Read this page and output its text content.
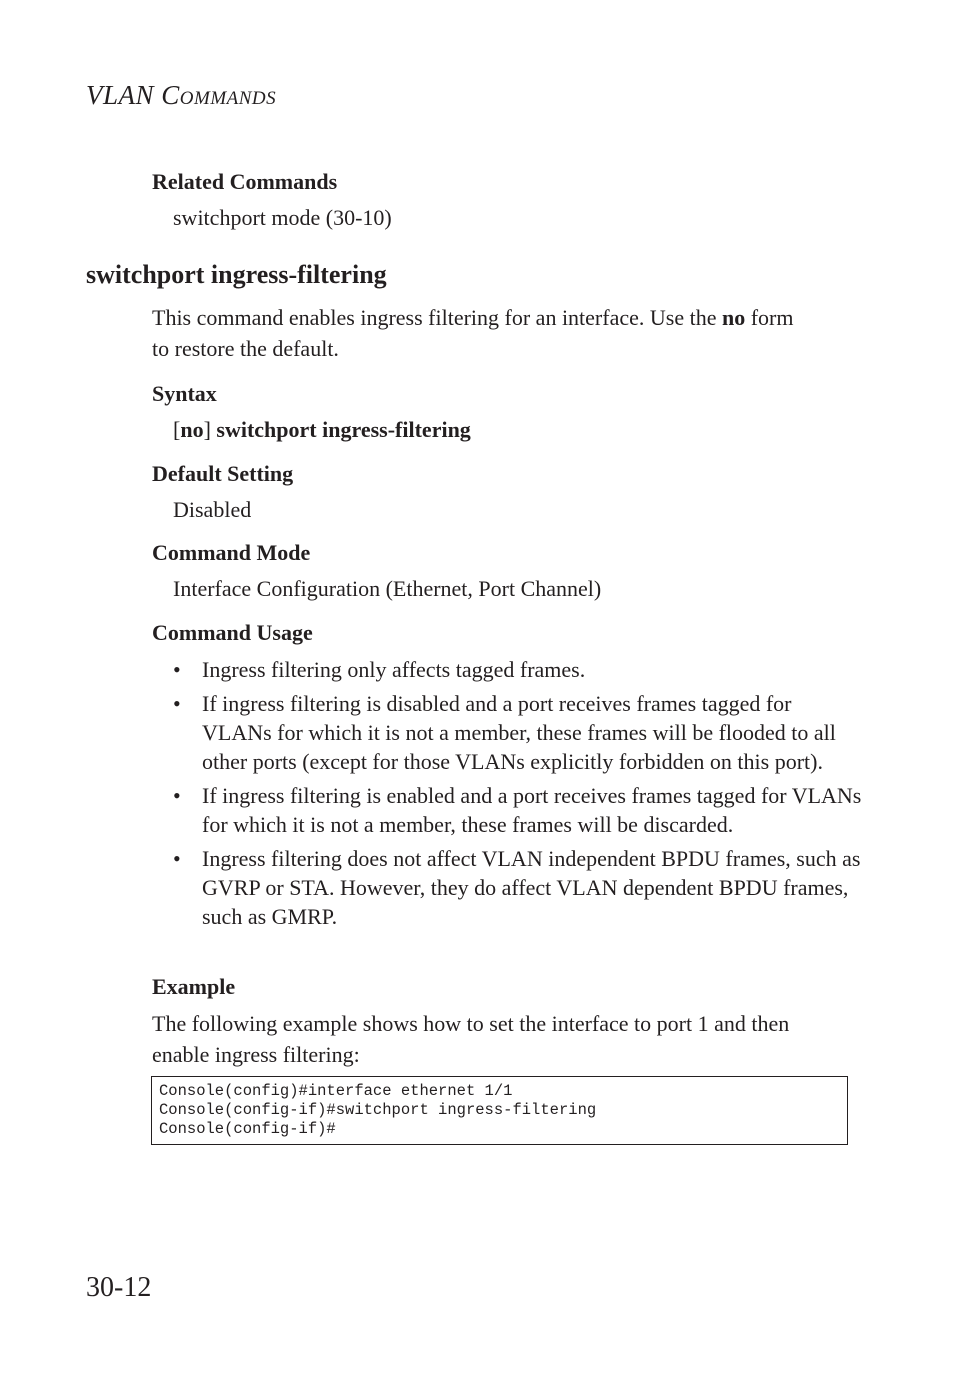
VLAN COMMANDS
Related Commands
switchport mode (30-10)
switchport ingress-filtering
This command enables ingress filtering for an interface. Use the no form
to restore the default.
Syntax
[no] switchport ingress-filtering
Default Setting
Disabled
Command Mode
Interface Configuration (Ethernet, Port Channel)
Command Usage
• Ingress filtering only affects tagged frames.
• If ingress filtering is disabled and a port receives frames tagged for VLANs for which it is not a member, these frames will be flooded to all other ports (except for those VLANs explicitly forbidden on this port).
• If ingress filtering is enabled and a port receives frames tagged for VLANs for which it is not a member, these frames will be discarded.
• Ingress filtering does not affect VLAN independent BPDU frames, such as GVRP or STA. However, they do affect VLAN dependent BPDU frames, such as GMRP.
Example
The following example shows how to set the interface to port 1 and then
enable ingress filtering:
Console(config)#interface ethernet 1/1
Console(config-if)#switchport ingress-filtering
Console(config-if)#
30-12
